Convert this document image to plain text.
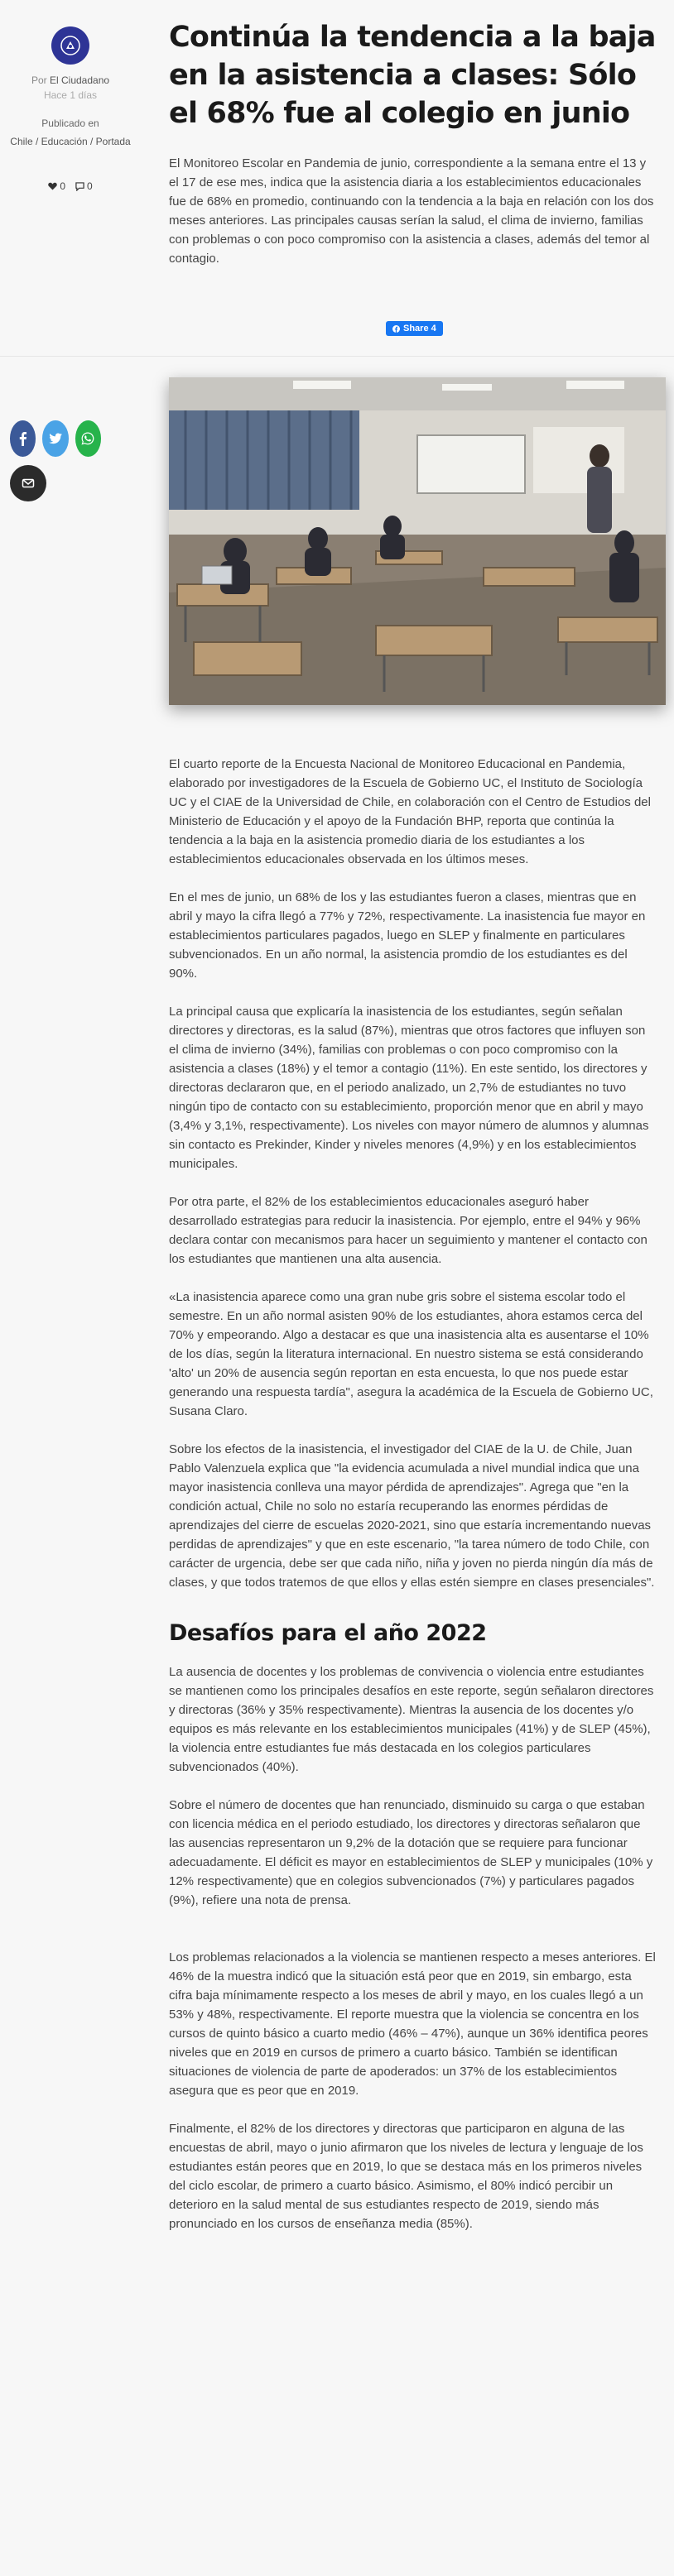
Por El Ciudadano
Hace 1 días
Publicado en
Chile / Educación / Portada
0 0
Continúa la tendencia a la baja en la asistencia a clases: Sólo el 68% fue al colegio en junio

El Monitoreo Escolar en Pandemia de junio, correspondiente a la semana entre el 13 y el 17 de ese mes, indica que la asistencia diaria a los establecimientos educacionales fue de 68% en promedio, continuando con la tendencia a la baja en relación con los dos meses anteriores. Las principales causas serían la salud, el clima de invierno, familias con problemas o con poco compromiso con la asistencia a clases, además del temor al contagio.

Share 4

El cuarto reporte de la Encuesta Nacional de Monitoreo Educacional en Pandemia, elaborado por investigadores de la Escuela de Gobierno UC, el Instituto de Sociología UC y el CIAE de la Universidad de Chile, en colaboración con el Centro de Estudios del Ministerio de Educación y el apoyo de la Fundación BHP, reporta que continúa la tendencia a la baja en la asistencia promedio diaria de los estudiantes a los establecimientos educacionales observada en los últimos meses.

En el mes de junio, un 68% de los y las estudiantes fueron a clases, mientras que en abril y mayo la cifra llegó a 77% y 72%, respectivamente. La inasistencia fue mayor en establecimientos particulares pagados, luego en SLEP y finalmente en particulares subvencionados. En un año normal, la asistencia promdio de los estudiantes es del 90%.

La principal causa que explicaría la inasistencia de los estudiantes, según señalan directores y directoras, es la salud (87%), mientras que otros factores que influyen son el clima de invierno (34%), familias con problemas o con poco compromiso con la asistencia a clases (18%) y el temor a contagio (11%). En este sentido, los directores y directoras declararon que, en el periodo analizado, un 2,7% de estudiantes no tuvo ningún tipo de contacto con su establecimiento, proporción menor que en abril y mayo (3,4% y 3,1%, respectivamente). Los niveles con mayor número de alumnos y alumnas sin contacto es Prekinder, Kinder y niveles menores (4,9%) y en los establecimientos municipales.

Por otra parte, el 82% de los establecimientos educacionales aseguró haber desarrollado estrategias para reducir la inasistencia. Por ejemplo, entre el 94% y 96% declara contar con mecanismos para hacer un seguimiento y mantener el contacto con los estudiantes que mantienen una alta ausencia.

«La inasistencia aparece como una gran nube gris sobre el sistema escolar todo el semestre. En un año normal asisten 90% de los estudiantes, ahora estamos cerca del 70% y empeorando. Algo a destacar es que una inasistencia alta es ausentarse el 10% de los días, según la literatura internacional. En nuestro sistema se está considerando 'alto' un 20% de ausencia según reportan en esta encuesta, lo que nos puede estar generando una respuesta tardía", asegura la académica de la Escuela de Gobierno UC, Susana Claro.

Sobre los efectos de la inasistencia, el investigador del CIAE de la U. de Chile, Juan Pablo Valenzuela explica que "la evidencia acumulada a nivel mundial indica que una mayor inasistencia conlleva una mayor pérdida de aprendizajes". Agrega que "en la condición actual, Chile no solo no estaría recuperando las enormes pérdidas de aprendizajes del cierre de escuelas 2020-2021, sino que estaría incrementando nuevas perdidas de aprendizajes" y que en este escenario, "la tarea número de todo Chile, con carácter de urgencia, debe ser que cada niño, niña y joven no pierda ningún día más de clases, y que todos tratemos de que ellos y ellas estén siempre en clases presenciales".

Desafíos para el año 2022

La ausencia de docentes y los problemas de convivencia o violencia entre estudiantes se mantienen como los principales desafíos en este reporte, según señalaron directores y directoras (36% y 35% respectivamente). Mientras la ausencia de los docentes y/o equipos es más relevante en los establecimientos municipales (41%) y de SLEP (45%), la violencia entre estudiantes fue más destacada en los colegios particulares subvencionados (40%).

Sobre el número de docentes que han renunciado, disminuido su carga o que estaban con licencia médica en el periodo estudiado, los directores y directoras señalaron que las ausencias representaron un 9,2% de la dotación que se requiere para funcionar adecuadamente. El déficit es mayor en establecimientos de SLEP y municipales (10% y 12% respectivamente) que en colegios subvencionados (7%) y particulares pagados (9%), refiere una nota de prensa.

Los problemas relacionados a la violencia se mantienen respecto a meses anteriores. El 46% de la muestra indicó que la situación está peor que en 2019, sin embargo, esta cifra baja mínimamente respecto a los meses de abril y mayo, en los cuales llegó a un 53% y 48%, respectivamente. El reporte muestra que la violencia se concentra en los cursos de quinto básico a cuarto medio (46% – 47%), aunque un 36% identifica peores niveles que en 2019 en cursos de primero a cuarto básico. También se identifican situaciones de violencia de parte de apoderados: un 37% de los establecimientos asegura que es peor que en 2019.

Finalmente, el 82% de los directores y directoras que participaron en alguna de las encuestas de abril, mayo o junio afirmaron que los niveles de lectura y lenguaje de los estudiantes están peores que en 2019, lo que se destaca más en los primeros niveles del ciclo escolar, de primero a cuarto básico. Asimismo, el 80% indicó percibir un deterioro en la salud mental de sus estudiantes respecto de 2019, siendo más pronunciado en los cursos de enseñanza media (85%).
